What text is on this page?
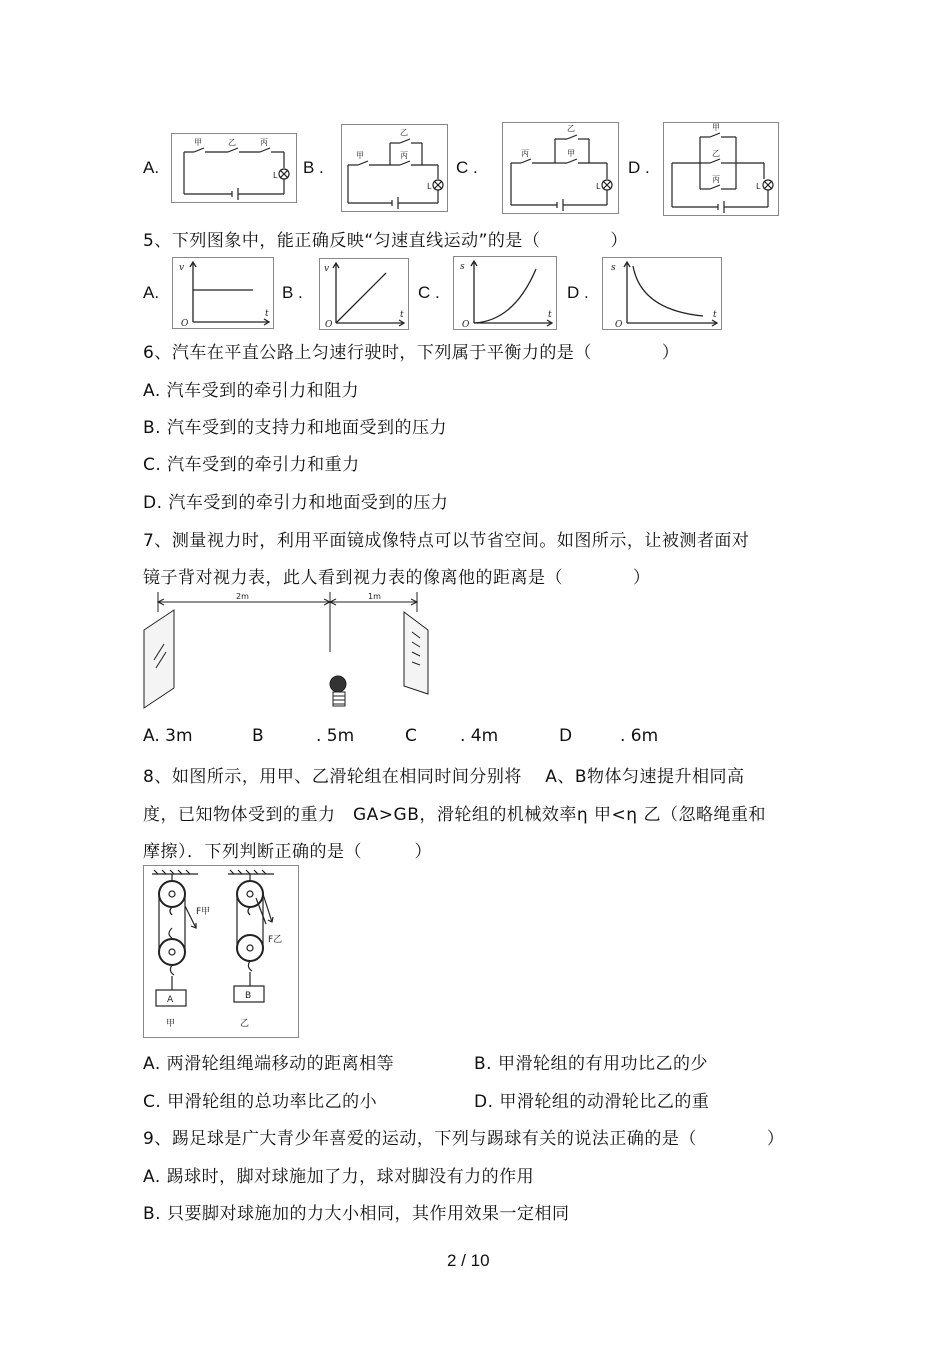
A.
甲	乙	丙
L B .
甲
乙
丙
L
C .
丙
乙
甲
L
D .
甲
乙
丙
L
5、下列图象中，能正确反映“匀速直线运动”的是（　　　　）
A.
v
O
t
B .
v
O
t
C .
s
O
t
D .
s
O
t
6、汽车在平直公路上匀速行驶时，下列属于平衡力的是（　　　　）
A. 汽车受到的牵引力和阻力
B. 汽车受到的支持力和地面受到的压力
C. 汽车受到的牵引力和重力
D. 汽车受到的牵引力和地面受到的压力
7、测量视力时，利用平面镜成像特点可以节省空间。如图所示，让被测者面对
镜子背对视力表，此人看到视力表的像离他的距离是（　　　　）
2m	1m
A. 3m	B	. 5m	C	. 4m	D	. 6m
8、如图所示，用甲、乙滑轮组在相同时间分别将　 A、B物体匀速提升相同高
度，已知物体受到的重力　GA>GB，滑轮组的机械效率η 甲<η 乙（忽略绳重和
摩擦）．下列判断正确的是（　　　）
F甲
F乙
A	B
甲	乙
A. 两滑轮组绳端移动的距离相等	B. 甲滑轮组的有用功比乙的少
C. 甲滑轮组的总功率比乙的小	D. 甲滑轮组的动滑轮比乙的重
9、踢足球是广大青少年喜爱的运动，下列与踢球有关的说法正确的是（　　　　）
A. 踢球时，脚对球施加了力，球对脚没有力的作用
B. 只要脚对球施加的力大小相同，其作用效果一定相同
2 / 10
